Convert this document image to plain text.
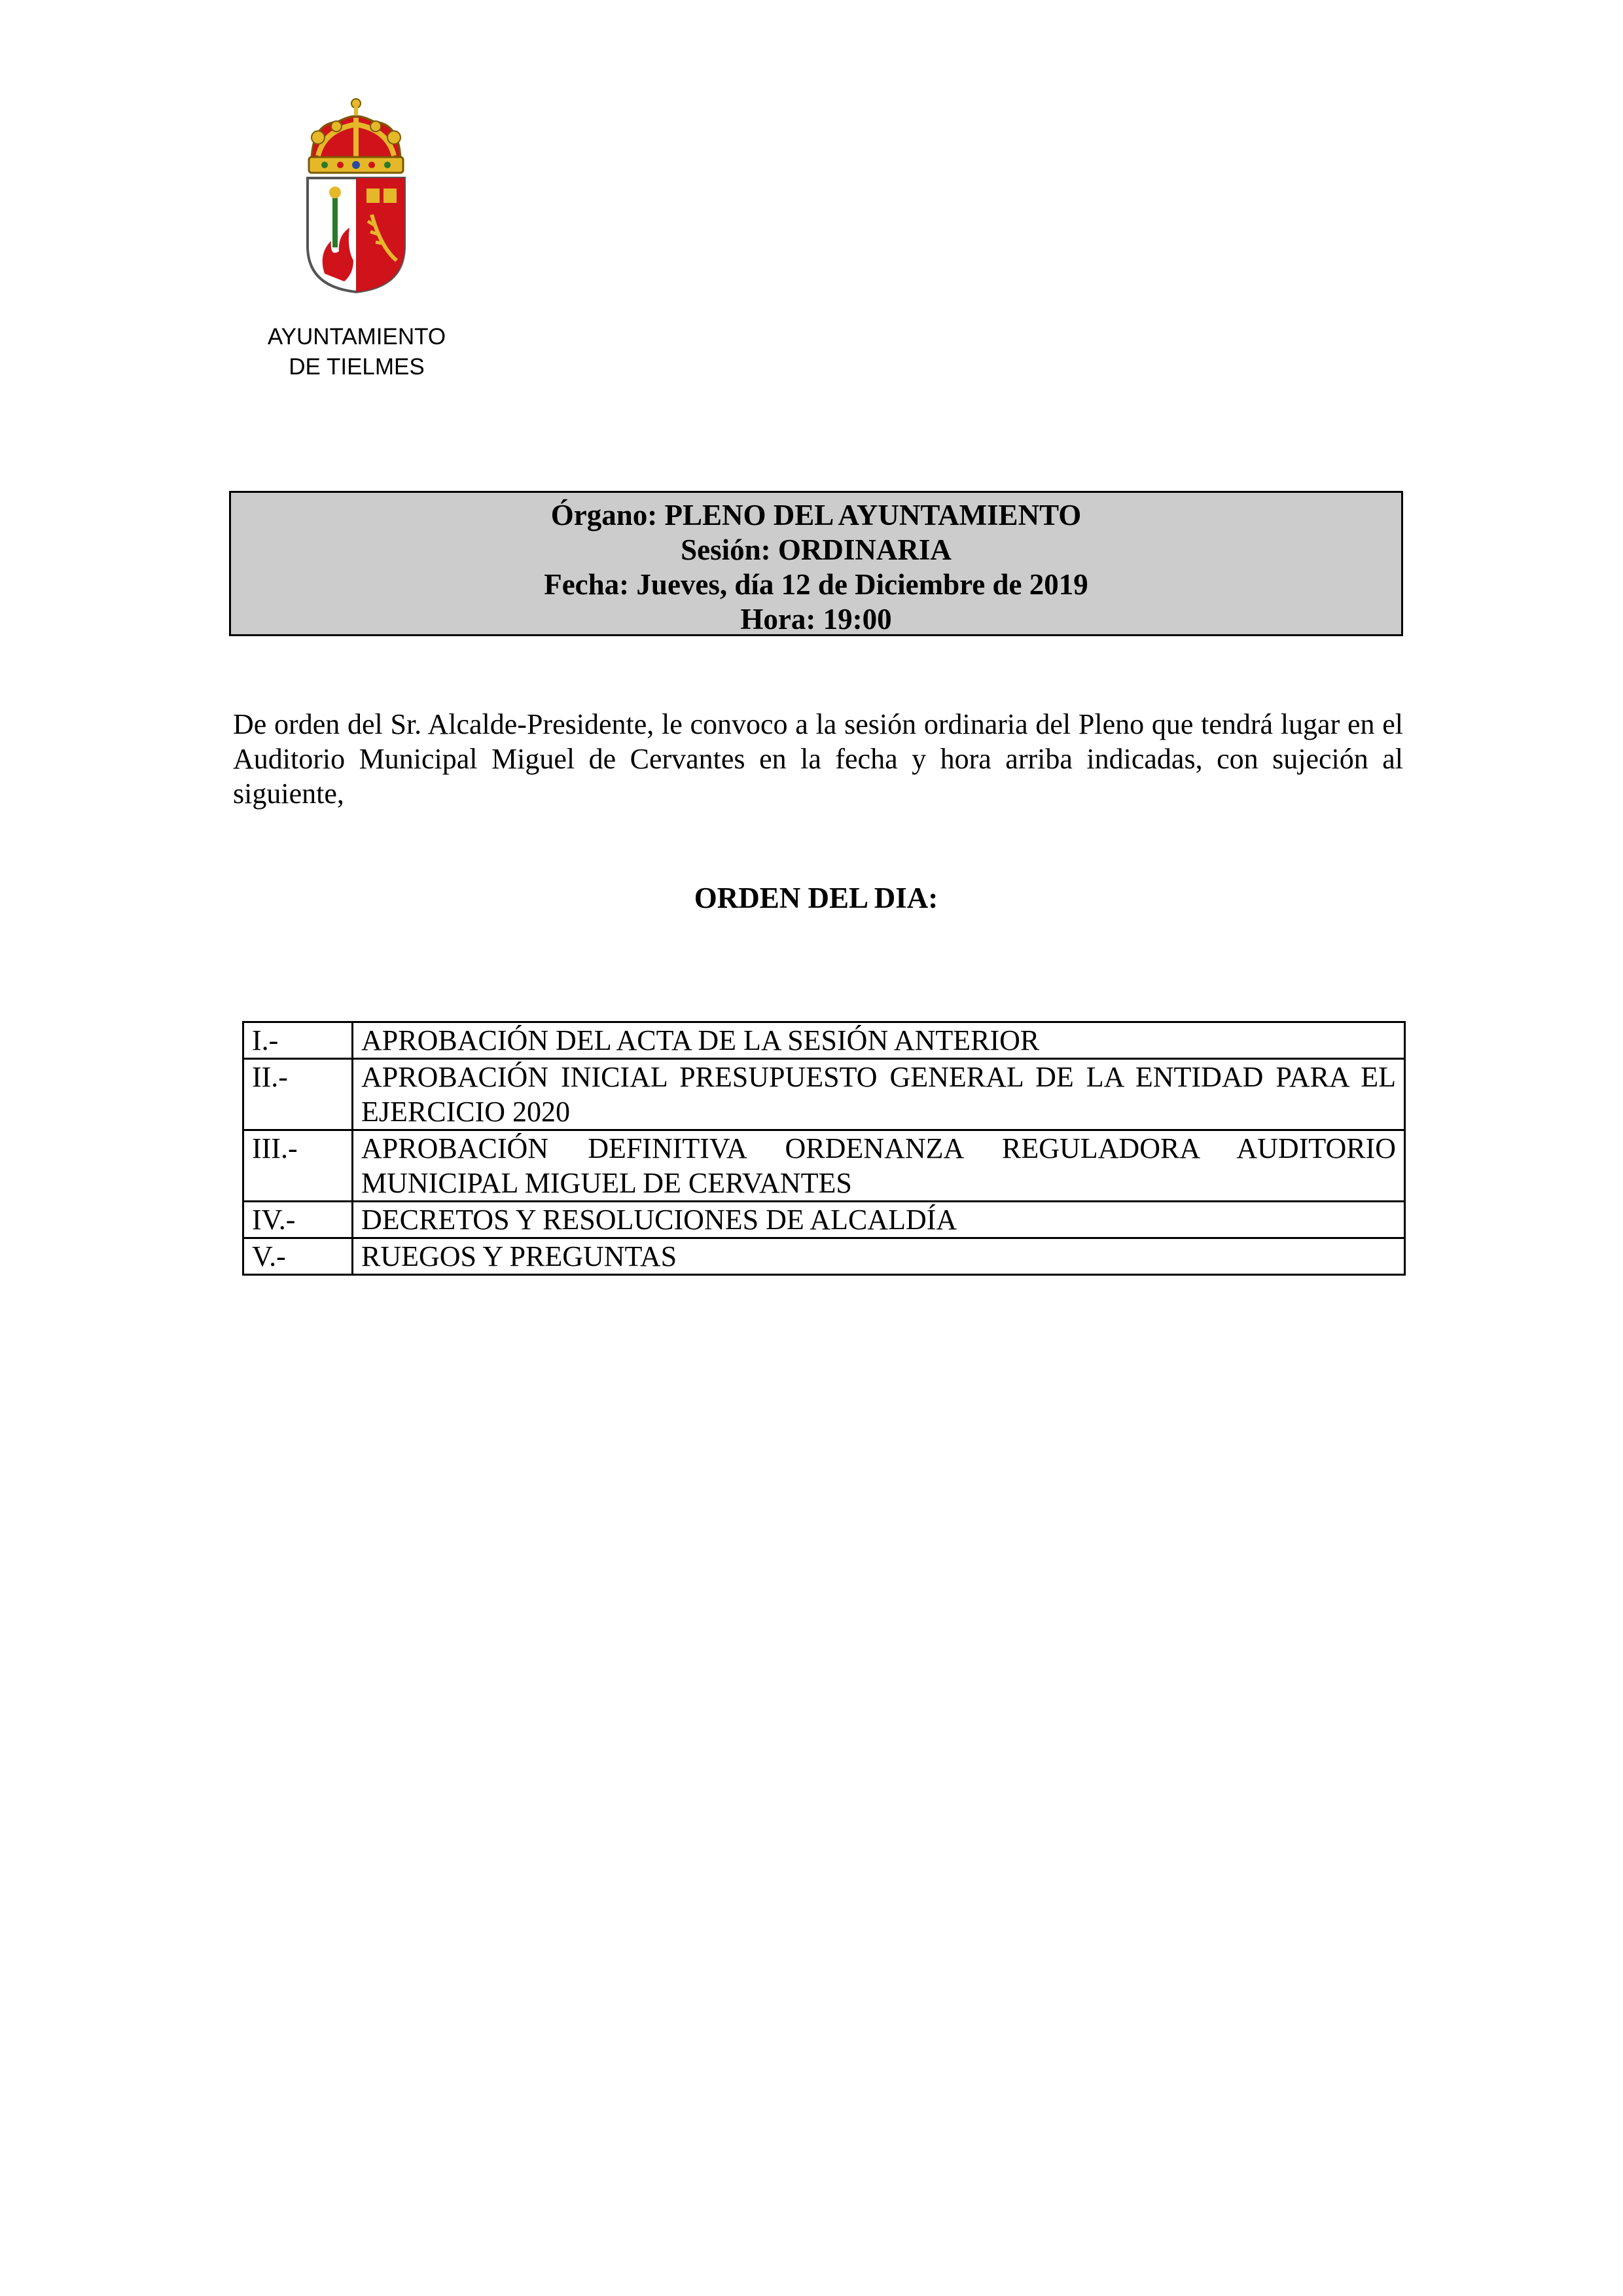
AYUNTAMIENTO
DE TIELMES
Órgano: PLENO DEL AYUNTAMIENTO
Sesión: ORDINARIA
Fecha: Jueves, día 12 de Diciembre de 2019
Hora: 19:00
De orden del Sr. Alcalde-Presidente, le convoco a la sesión ordinaria del Pleno que tendrá lugar en el Auditorio Municipal Miguel de Cervantes en la fecha y hora arriba indicadas, con sujeción al siguiente,
ORDEN DEL DIA:
I.-	APROBACIÓN DEL ACTA DE LA SESIÓN ANTERIOR
II.-	APROBACIÓN INICIAL PRESUPUESTO GENERAL DE LA ENTIDAD PARA EL EJERCICIO 2020
III.-	APROBACIÓN DEFINITIVA ORDENANZA REGULADORA AUDITORIO MUNICIPAL MIGUEL DE CERVANTES
IV.-	DECRETOS Y RESOLUCIONES DE ALCALDÍA
V.-	RUEGOS Y PREGUNTAS
